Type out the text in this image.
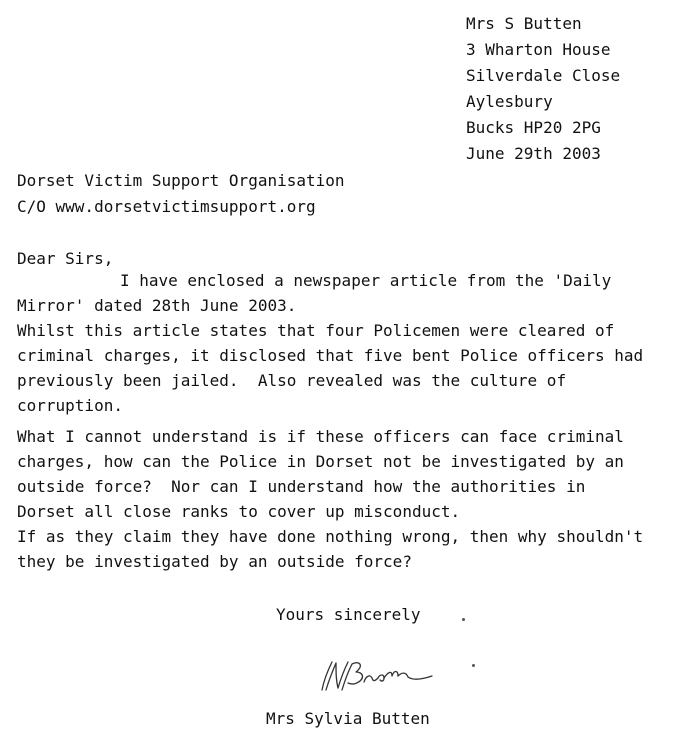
Mrs S Butten
3 Wharton House
Silverdale Close
Aylesbury
Bucks HP20 2PG
June 29th 2003
Dorset Victim Support Organisation
C/O www.dorsetvictimsupport.org
Dear Sirs,
I have enclosed a newspaper article from the 'Daily
Mirror' dated 28th June 2003.
Whilst this article states that four Policemen were cleared of
criminal charges, it disclosed that five bent Police officers had
previously been jailed.  Also revealed was the culture of
corruption.
What I cannot understand is if these officers can face criminal
charges, how can the Police in Dorset not be investigated by an
outside force?  Nor can I understand how the authorities in
Dorset all close ranks to cover up misconduct.
If as they claim they have done nothing wrong, then why shouldn't
they be investigated by an outside force?
Yours sincerely
Mrs Sylvia Butten
